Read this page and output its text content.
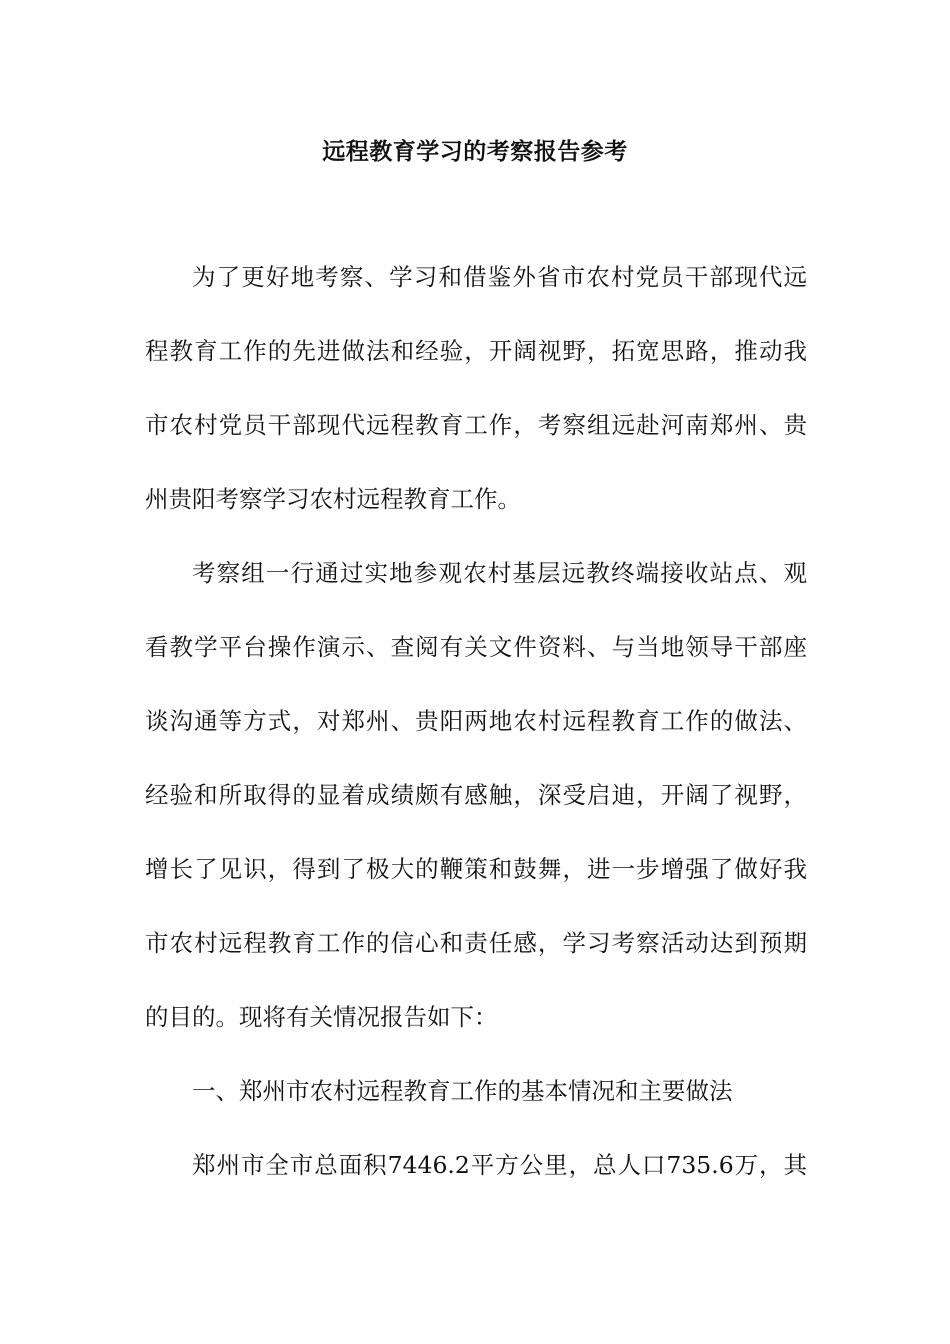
远程教育学习的考察报告参考
为了更好地考察、学习和借鉴外省市农村党员干部现代远
程教育工作的先进做法和经验，开阔视野，拓宽思路，推动我
市农村党员干部现代远程教育工作，考察组远赴河南郑州、贵
州贵阳考察学习农村远程教育工作。
考察组一行通过实地参观农村基层远教终端接收站点、观
看教学平台操作演示、查阅有关文件资料、与当地领导干部座
谈沟通等方式，对郑州、贵阳两地农村远程教育工作的做法、
经验和所取得的显着成绩颇有感触，深受启迪，开阔了视野，
增长了见识，得到了极大的鞭策和鼓舞，进一步增强了做好我
市农村远程教育工作的信心和责任感，学习考察活动达到预期
的目的。现将有关情况报告如下：
一、郑州市农村远程教育工作的基本情况和主要做法
郑州市全市总面积7446.2平方公里，总人口735.6万，其
